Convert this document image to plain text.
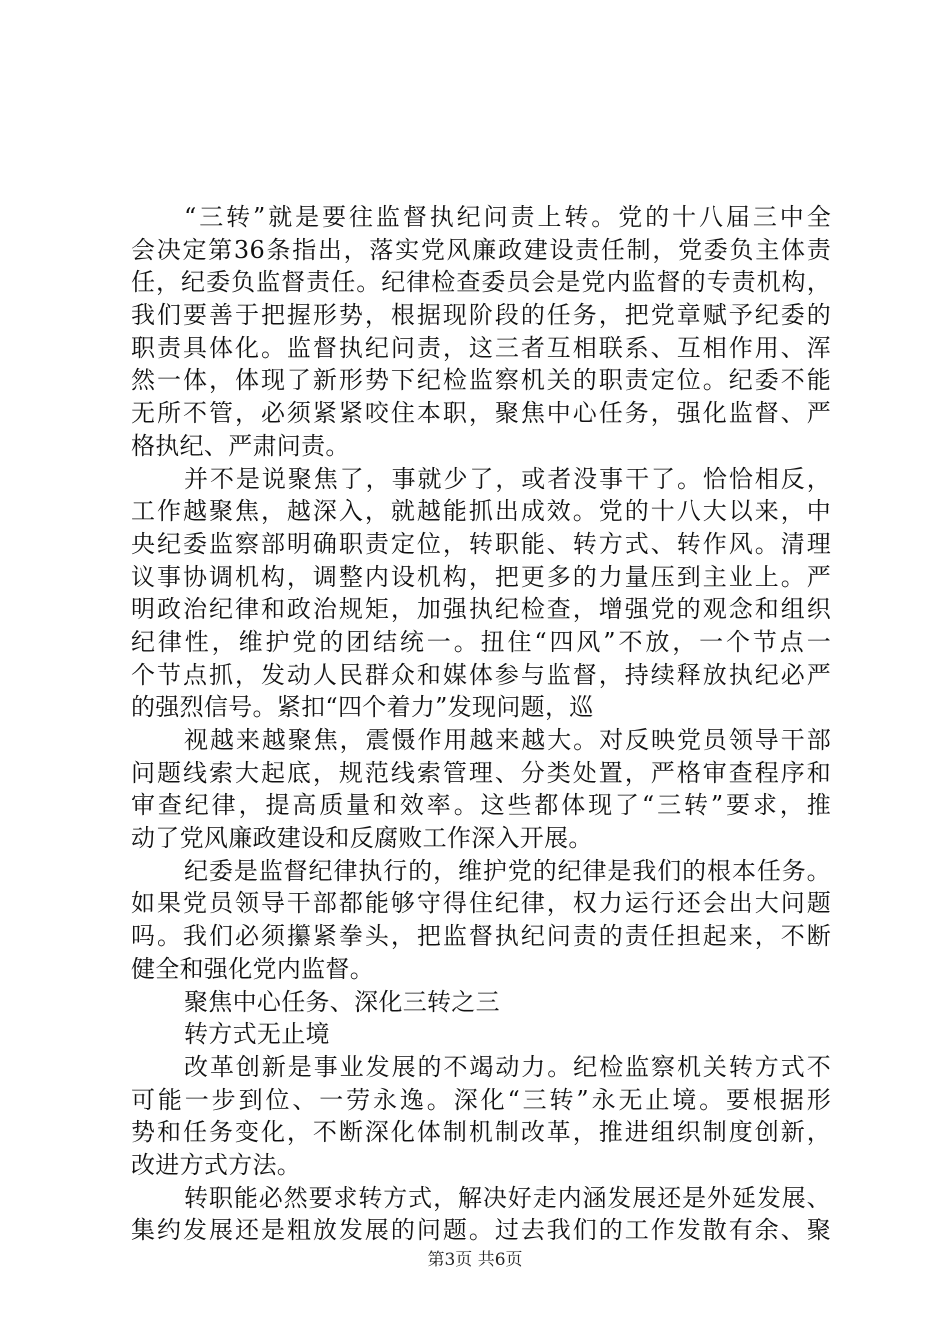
“三转”就是要往监督执纪问责上转。党的十八届三中全
会决定第36条指出，落实党风廉政建设责任制，党委负主体责
任，纪委负监督责任。纪律检查委员会是党内监督的专责机构，
我们要善于把握形势，根据现阶段的任务，把党章赋予纪委的
职责具体化。监督执纪问责，这三者互相联系、互相作用、浑
然一体，体现了新形势下纪检监察机关的职责定位。纪委不能
无所不管，必须紧紧咬住本职，聚焦中心任务，强化监督、严
格执纪、严肃问责。
并不是说聚焦了，事就少了，或者没事干了。恰恰相反，
工作越聚焦，越深入，就越能抓出成效。党的十八大以来，中
央纪委监察部明确职责定位，转职能、转方式、转作风。清理
议事协调机构，调整内设机构，把更多的力量压到主业上。严
明政治纪律和政治规矩，加强执纪检查，增强党的观念和组织
纪律性，维护党的团结统一。扭住“四风”不放，一个节点一
个节点抓，发动人民群众和媒体参与监督，持续释放执纪必严
的强烈信号。紧扣“四个着力”发现问题，巡
视越来越聚焦，震慑作用越来越大。对反映党员领导干部
问题线索大起底，规范线索管理、分类处置，严格审查程序和
审查纪律，提高质量和效率。这些都体现了“三转”要求，推
动了党风廉政建设和反腐败工作深入开展。
纪委是监督纪律执行的，维护党的纪律是我们的根本任务。
如果党员领导干部都能够守得住纪律，权力运行还会出大问题
吗。我们必须攥紧拳头，把监督执纪问责的责任担起来，不断
健全和强化党内监督。
聚焦中心任务、深化三转之三
转方式无止境
改革创新是事业发展的不竭动力。纪检监察机关转方式不
可能一步到位、一劳永逸。深化“三转”永无止境。要根据形
势和任务变化，不断深化体制机制改革，推进组织制度创新，
改进方式方法。
转职能必然要求转方式，解决好走内涵发展还是外延发展、
集约发展还是粗放发展的问题。过去我们的工作发散有余、聚
第3页 共6页
